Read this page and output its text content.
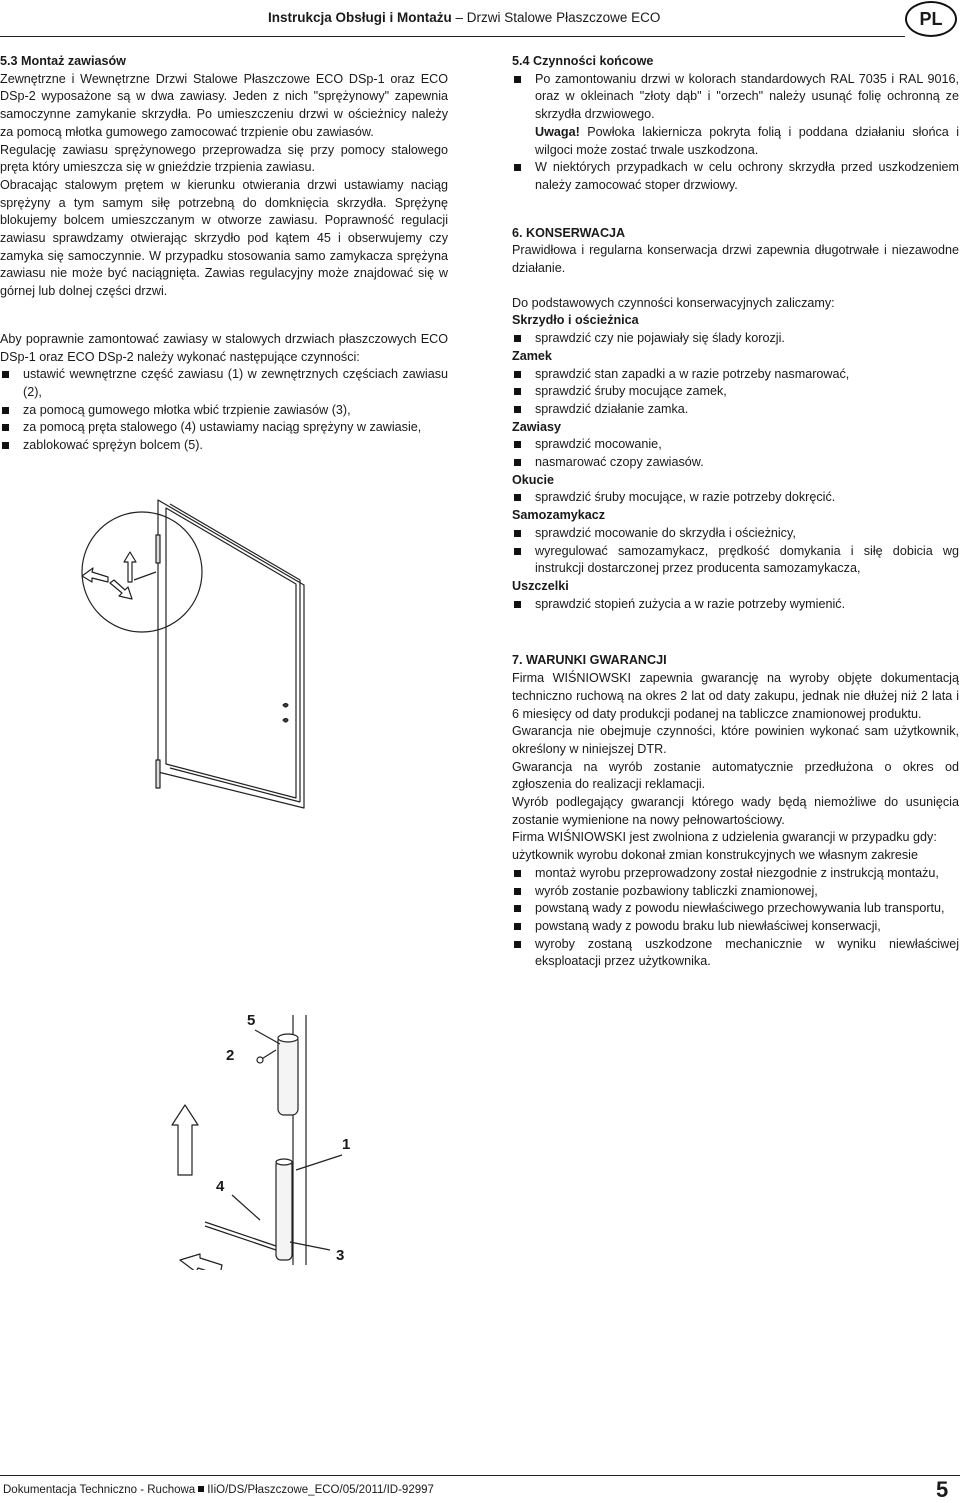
Instrukcja Obsługi i Montażu – Drzwi Stalowe Płaszczowe ECO	PL

5.3 Montaż zawiasów

Zewnętrzne i Wewnętrzne Drzwi Stalowe Płaszczowe ECO DSp-1 oraz ECO DSp-2 wyposażone są w dwa zawiasy. Jeden z nich "sprężynowy" zapewnia samoczynne zamykanie skrzydła. Po umieszczeniu drzwi w ościeżnicy należy za pomocą młotka gumowego zamocować trzpienie obu zawiasów.

Regulację zawiasu sprężynowego przeprowadza się przy pomocy stalowego pręta który umieszcza się w gnieździe trzpienia zawiasu.

Obracając stalowym prętem w kierunku otwierania drzwi ustawiamy naciąg sprężyny a tym samym siłę potrzebną do domknięcia skrzydła. Sprężynę blokujemy bolcem umieszczanym w otworze zawiasu. Poprawność regulacji zawiasu sprawdzamy otwierając skrzydło pod kątem 45 i obserwujemy czy zamyka się samoczynnie. W przypadku stosowania samo zamykacza sprężyna zawiasu nie może być naciągnięta. Zawias regulacyjny może znajdować się w górnej lub dolnej części drzwi.

Aby poprawnie zamontować zawiasy w stalowych drzwiach płaszczowych ECO DSp-1 oraz ECO DSp-2 należy wykonać następujące czynności:

ustawić wewnętrzne część zawiasu (1) w zewnętrznych częściach zawiasu (2),
za pomocą gumowego młotka wbić trzpienie zawiasów (3),
za pomocą pręta stalowego (4) ustawiamy naciąg sprężyny w zawiasie,
zablokować sprężyn bolcem (5).

5.4 Czynności końcowe

Po zamontowaniu drzwi w kolorach standardowych RAL 7035 i RAL 9016, oraz w okleinach "złoty dąb" i "orzech" należy usunąć folię ochronną ze skrzydła drzwiowego.
Uwaga! Powłoka lakiernicza pokryta folią i poddana działaniu słońca i wilgoci może zostać trwale uszkodzona.
W niektórych przypadkach w celu ochrony skrzydła przed uszkodzeniem należy zamocować stoper drzwiowy.

6. KONSERWACJA

Prawidłowa i regularna konserwacja drzwi zapewnia długotrwałe i niezawodne działanie.

Do podstawowych czynności konserwacyjnych zaliczamy:

Skrzydło i ościeżnica

sprawdzić czy nie pojawiały się ślady korozji.

Zamek

sprawdzić stan zapadki a w razie potrzeby nasmarować,
sprawdzić śruby mocujące zamek,
sprawdzić działanie zamka.

Zawiasy

sprawdzić mocowanie,
nasmarować czopy zawiasów.

Okucie

sprawdzić śruby mocujące, w razie potrzeby dokręcić.

Samozamykacz

sprawdzić mocowanie do skrzydła i ościeżnicy,
wyregulować samozamykacz, prędkość domykania i siłę dobicia wg instrukcji dostarczonej przez producenta samozamykacza,

Uszczelki

sprawdzić stopień zużycia a w razie potrzeby wymienić.

7. WARUNKI GWARANCJI

Firma WIŚNIOWSKI zapewnia gwarancję na wyroby objęte dokumentacją techniczno ruchową na okres 2 lat od daty zakupu, jednak nie dłużej niż 2 lata i 6 miesięcy od daty produkcji podanej na tabliczce znamionowej produktu.

Gwarancja nie obejmuje czynności, które powinien wykonać sam użytkownik, określony w niniejszej DTR.

Gwarancja na wyrób zostanie automatycznie przedłużona o okres od zgłoszenia do realizacji reklamacji.

Wyrób podlegający gwarancji którego wady będą niemożliwe do usunięcia zostanie wymienione na nowy pełnowartościowy.

Firma WIŚNIOWSKI jest zwolniona z udzielenia gwarancji w przypadku gdy:

użytkownik wyrobu dokonał zmian konstrukcyjnych we własnym zakresie

montaż wyrobu przeprowadzony został niezgodnie z instrukcją montażu,
wyrób zostanie pozbawiony tabliczki znamionowej,
powstaną wady z powodu niewłaściwego przechowywania lub transportu,
powstaną wady z powodu braku lub niewłaściwej konserwacji,
wyroby zostaną uszkodzone mechanicznie w wyniku niewłaściwej eksploatacji przez użytkownika.
5
2
1
4
3
Dokumentacja Techniczno - Ruchowa IIiO/DS/Płaszczowe_ECO/05/2011/ID-92997	5
